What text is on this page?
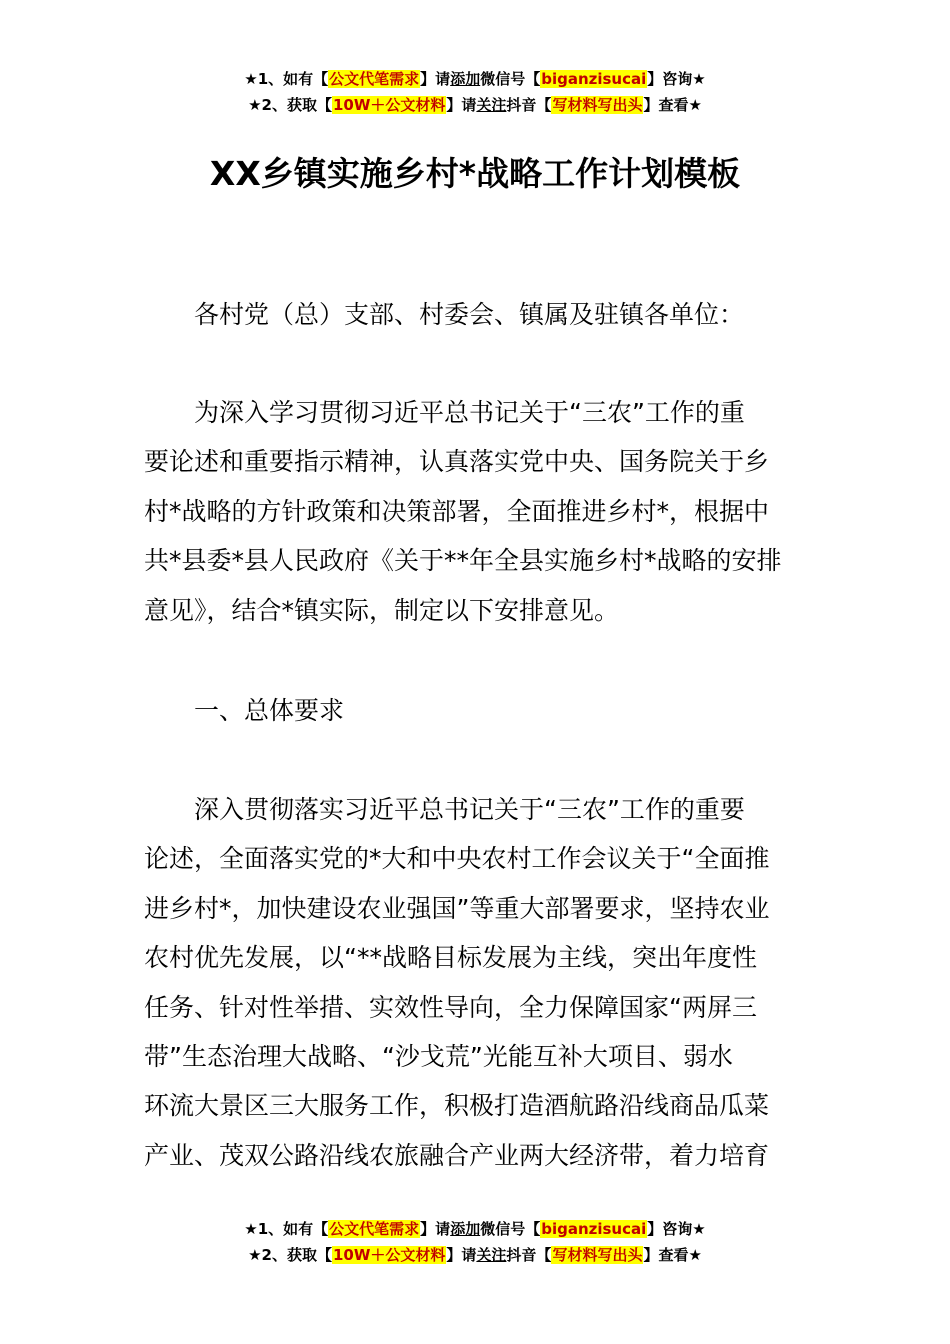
★1、如有【公文代笔需求】请添加微信号【biganzisucai】咨询★
★2、获取【10W＋公文材料】请关注抖音【写材料写出头】查看★
XX乡镇实施乡村*战略工作计划模板
各村党（总）支部、村委会、镇属及驻镇各单位：
为深入学习贯彻习近平总书记关于“三农”工作的重
要论述和重要指示精神，认真落实党中央、国务院关于乡
村*战略的方针政策和决策部署，全面推进乡村*，根据中
共*县委*县人民政府《关于**年全县实施乡村*战略的安排
意见》，结合*镇实际，制定以下安排意见。
一、总体要求
深入贯彻落实习近平总书记关于“三农”工作的重要
论述，全面落实党的*大和中央农村工作会议关于“全面推
进乡村*，加快建设农业强国”等重大部署要求，坚持农业
农村优先发展，以“**战略目标发展为主线，突出年度性
任务、针对性举措、实效性导向，全力保障国家“两屏三
带”生态治理大战略、“沙戈荒”光能互补大项目、弱水
环流大景区三大服务工作，积极打造酒航路沿线商品瓜菜
产业、茂双公路沿线农旅融合产业两大经济带，着力培育
★1、如有【公文代笔需求】请添加微信号【biganzisucai】咨询★
★2、获取【10W＋公文材料】请关注抖音【写材料写出头】查看★
